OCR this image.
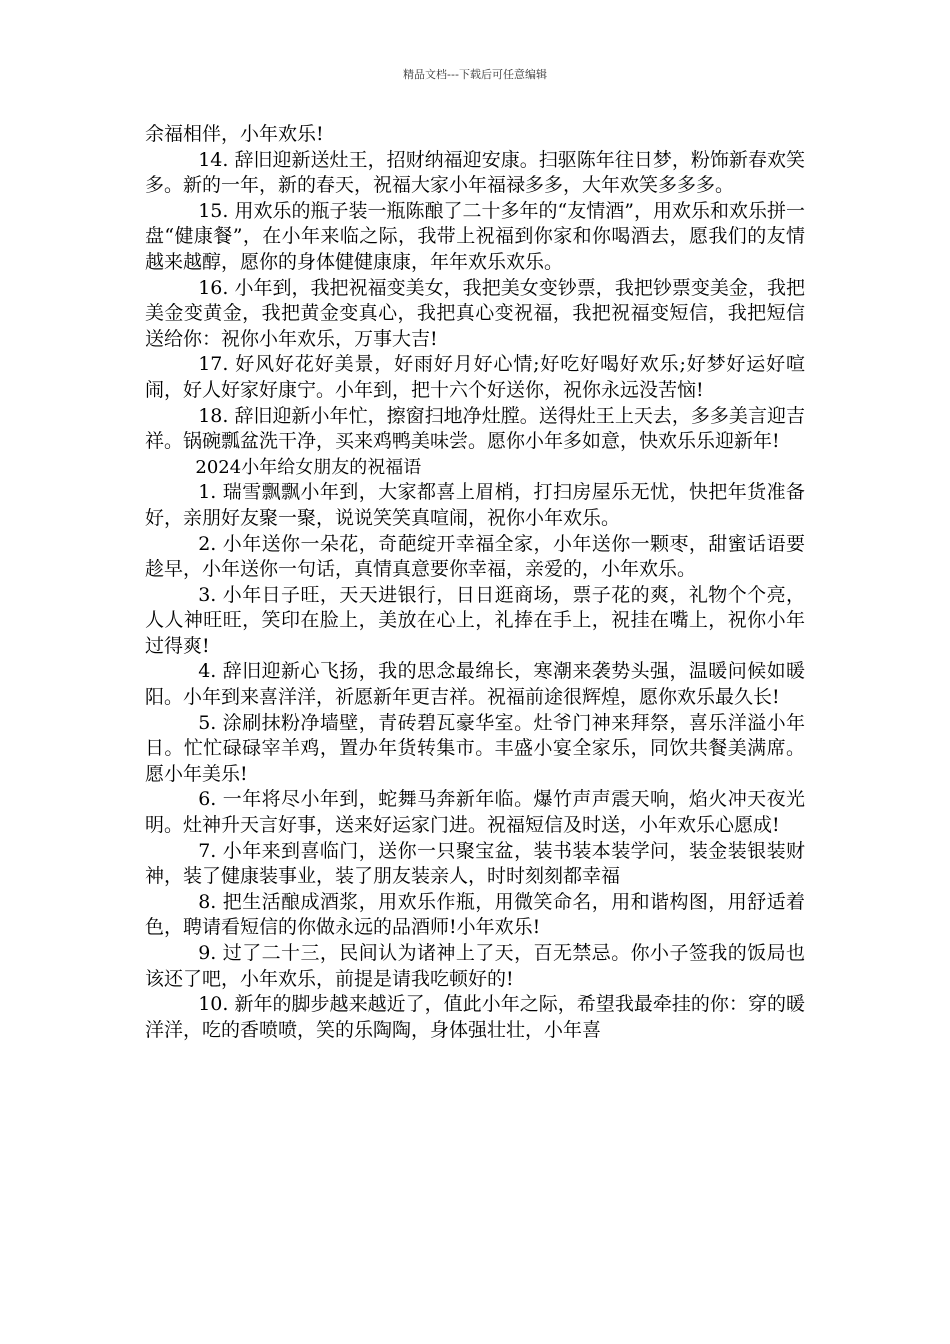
精品文档---下载后可任意编辑

余福相伴，小年欢乐!

14. 辞旧迎新送灶王，招财纳福迎安康。扫驱陈年往日梦，粉饰新春欢笑多。新的一年，新的春天，祝福大家小年福禄多多，大年欢笑多多多。

15. 用欢乐的瓶子装一瓶陈酿了二十多年的“友情酒”，用欢乐和欢乐拼一盘“健康餐”，在小年来临之际，我带上祝福到你家和你喝酒去，愿我们的友情越来越醇，愿你的身体健健康康，年年欢乐欢乐。

16. 小年到，我把祝福变美女，我把美女变钞票，我把钞票变美金，我把美金变黄金，我把黄金变真心，我把真心变祝福，我把祝福变短信，我把短信送给你：祝你小年欢乐，万事大吉!

17. 好风好花好美景，好雨好月好心情;好吃好喝好欢乐;好梦好运好喧闹，好人好家好康宁。小年到，把十六个好送你，祝你永远没苦恼!

18. 辞旧迎新小年忙，擦窗扫地净灶膛。送得灶王上天去，多多美言迎吉祥。锅碗瓢盆洗干净，买来鸡鸭美味尝。愿你小年多如意，快欢乐乐迎新年!

2024小年给女朋友的祝福语

1. 瑞雪飘飘小年到，大家都喜上眉梢，打扫房屋乐无忧，快把年货准备好，亲朋好友聚一聚，说说笑笑真喧闹，祝你小年欢乐。

2. 小年送你一朵花，奇葩绽开幸福全家，小年送你一颗枣，甜蜜话语要趁早，小年送你一句话，真情真意要你幸福，亲爱的，小年欢乐。

3. 小年日子旺，天天进银行，日日逛商场，票子花的爽，礼物个个亮，人人神旺旺，笑印在脸上，美放在心上，礼捧在手上，祝挂在嘴上，祝你小年过得爽!

4. 辞旧迎新心飞扬，我的思念最绵长，寒潮来袭势头强，温暖问候如暖阳。小年到来喜洋洋，祈愿新年更吉祥。祝福前途很辉煌，愿你欢乐最久长!

5. 涂刷抹粉净墙壁，青砖碧瓦豪华室。灶爷门神来拜祭，喜乐洋溢小年日。忙忙碌碌宰羊鸡，置办年货转集市。丰盛小宴全家乐，同饮共餐美满席。愿小年美乐!

6. 一年将尽小年到，蛇舞马奔新年临。爆竹声声震天响，焰火冲天夜光明。灶神升天言好事，送来好运家门进。祝福短信及时送，小年欢乐心愿成!

7. 小年来到喜临门，送你一只聚宝盆，装书装本装学问，装金装银装财神，装了健康装事业，装了朋友装亲人，时时刻刻都幸福

8. 把生活酿成酒浆，用欢乐作瓶，用微笑命名，用和谐构图，用舒适着色，聘请看短信的你做永远的品酒师!小年欢乐!

9. 过了二十三，民间认为诸神上了天，百无禁忌。你小子签我的饭局也该还了吧，小年欢乐，前提是请我吃顿好的!

10. 新年的脚步越来越近了，值此小年之际，希望我最牵挂的你：穿的暖洋洋，吃的香喷喷，笑的乐陶陶，身体强壮壮，小年喜
